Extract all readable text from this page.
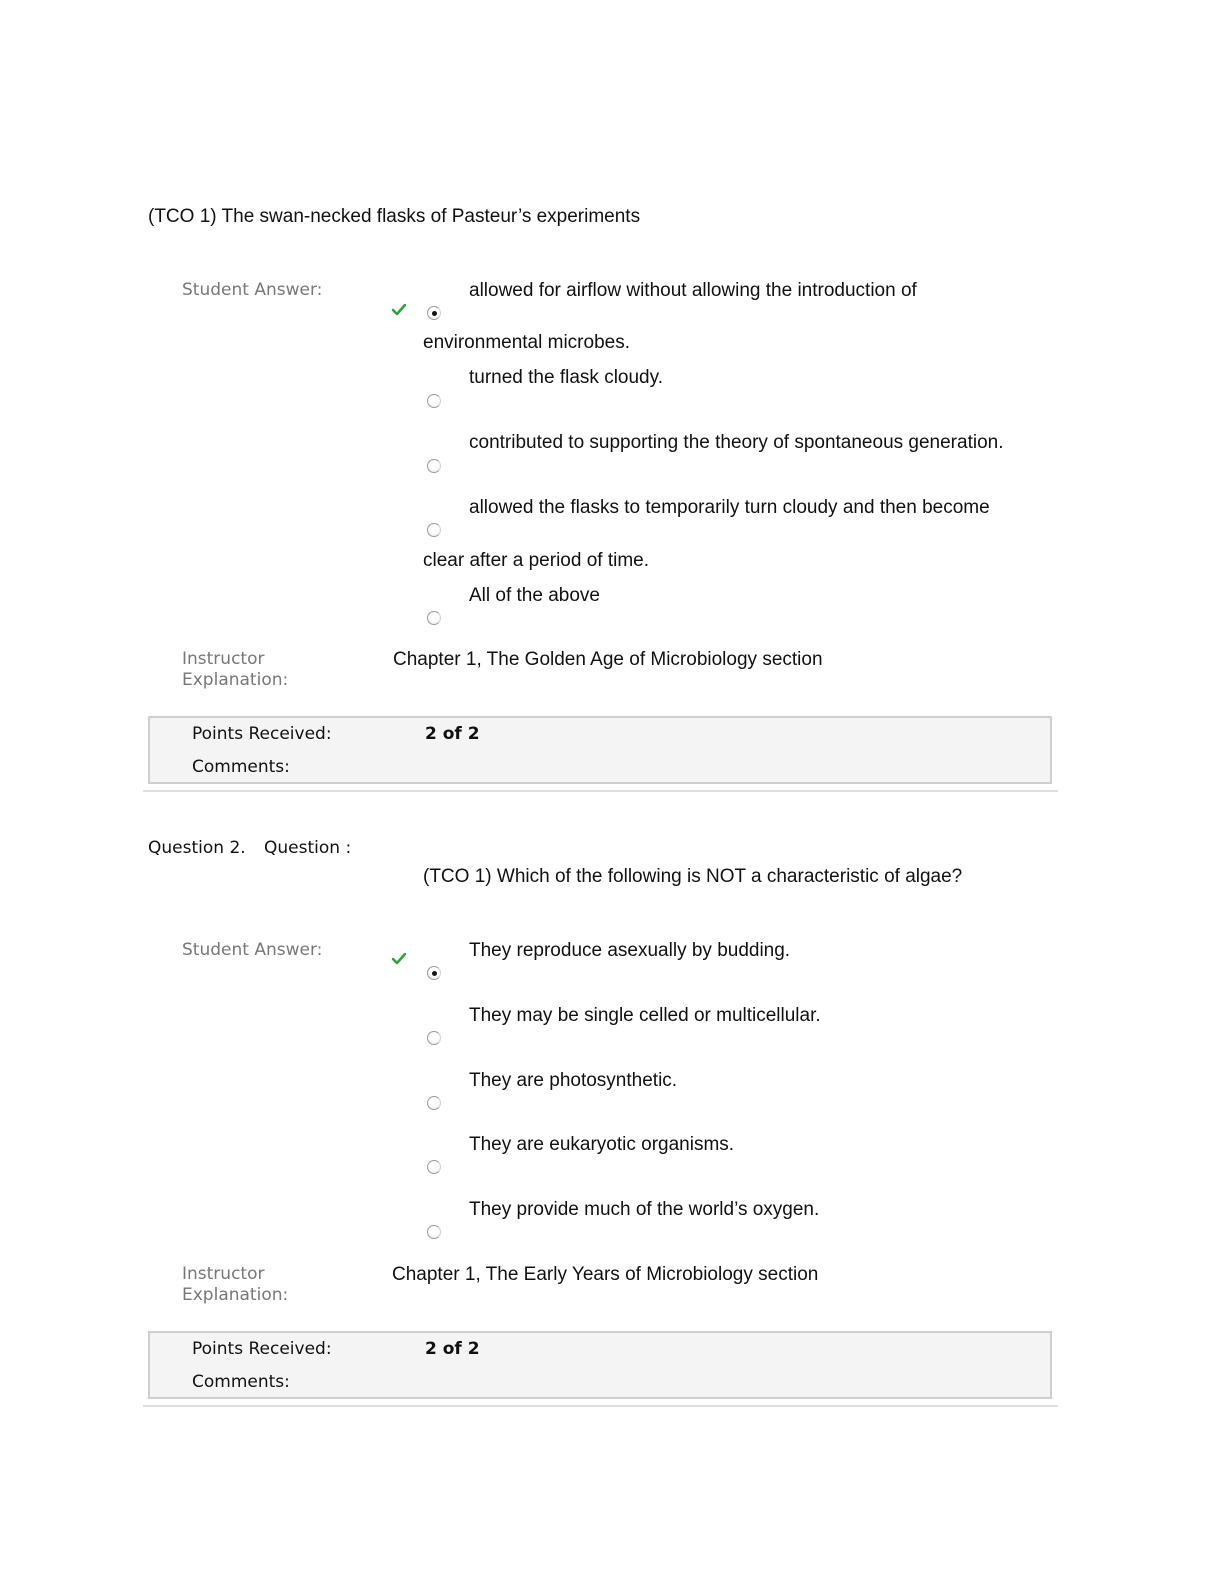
(TCO 1) The swan-necked flasks of Pasteur’s experiments
Student Answer:	allowed for airflow without allowing the introduction of
environmental microbes.
turned the flask cloudy.
contributed to supporting the theory of spontaneous generation.
allowed the flasks to temporarily turn cloudy and then become
clear after a period of time.
All of the above
Instructor
Explanation:
Chapter 1, The Golden Age of Microbiology section
Points Received:	2 of 2
Comments:
Question 2. Question :
(TCO 1) Which of the following is NOT a characteristic of algae?
Student Answer:	They reproduce asexually by budding.
They may be single celled or multicellular.
They are photosynthetic.
They are eukaryotic organisms.
They provide much of the world’s oxygen.
Instructor
Explanation:
Chapter 1, The Early Years of Microbiology section
Points Received:	2 of 2
Comments:
